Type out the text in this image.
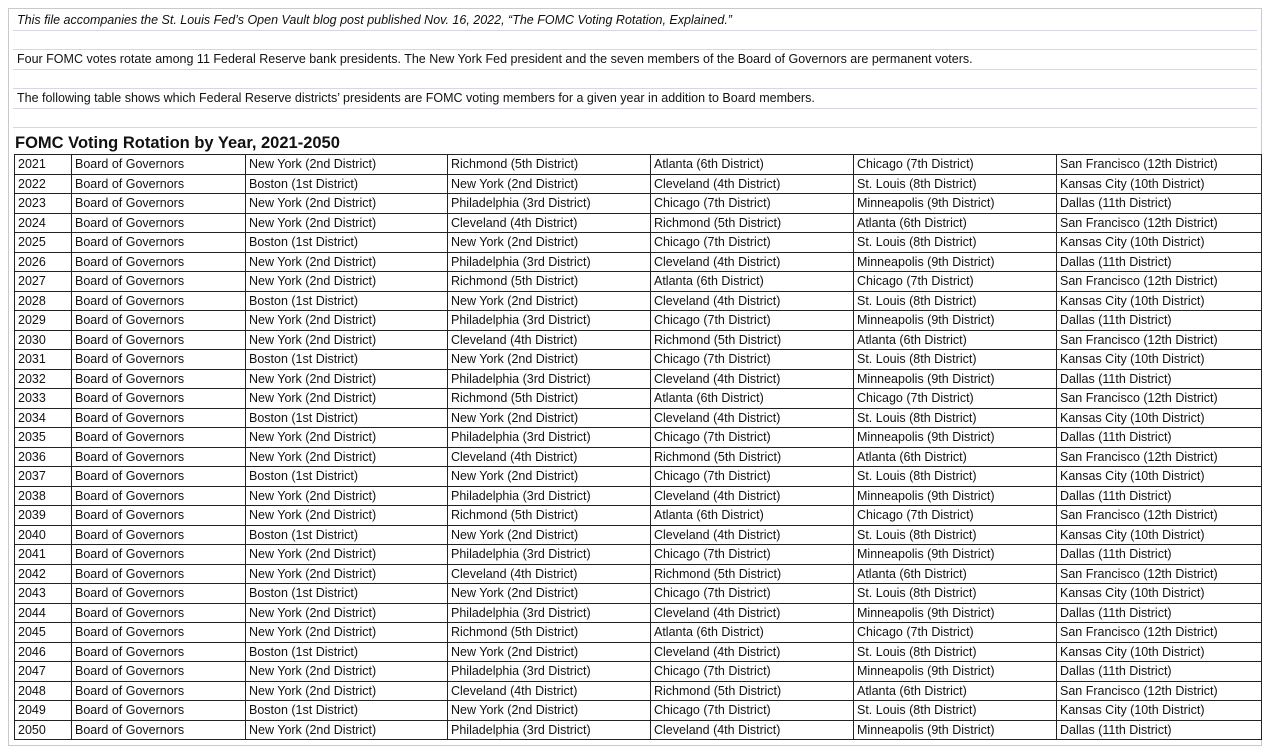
This file accompanies the St. Louis Fed’s Open Vault blog post published Nov. 16, 2022, “The FOMC Voting Rotation, Explained.”
Four FOMC votes rotate among 11 Federal Reserve bank presidents. The New York Fed president and the seven members of the Board of Governors are permanent voters.
The following table shows which Federal Reserve districts’ presidents are FOMC voting members for a given year in addition to Board members.
FOMC Voting Rotation by Year, 2021-2050
2021	Board of Governors	New York (2nd District)	Richmond (5th District)	Atlanta (6th District)	Chicago (7th District)	San Francisco (12th District)
2022	Board of Governors	Boston (1st District)	New York (2nd District)	Cleveland (4th District)	St. Louis (8th District)	Kansas City (10th District)
2023	Board of Governors	New York (2nd District)	Philadelphia (3rd District)	Chicago (7th District)	Minneapolis (9th District)	Dallas (11th District)
2024	Board of Governors	New York (2nd District)	Cleveland (4th District)	Richmond (5th District)	Atlanta (6th District)	San Francisco (12th District)
2025	Board of Governors	Boston (1st District)	New York (2nd District)	Chicago (7th District)	St. Louis (8th District)	Kansas City (10th District)
2026	Board of Governors	New York (2nd District)	Philadelphia (3rd District)	Cleveland (4th District)	Minneapolis (9th District)	Dallas (11th District)
2027	Board of Governors	New York (2nd District)	Richmond (5th District)	Atlanta (6th District)	Chicago (7th District)	San Francisco (12th District)
2028	Board of Governors	Boston (1st District)	New York (2nd District)	Cleveland (4th District)	St. Louis (8th District)	Kansas City (10th District)
2029	Board of Governors	New York (2nd District)	Philadelphia (3rd District)	Chicago (7th District)	Minneapolis (9th District)	Dallas (11th District)
2030	Board of Governors	New York (2nd District)	Cleveland (4th District)	Richmond (5th District)	Atlanta (6th District)	San Francisco (12th District)
2031	Board of Governors	Boston (1st District)	New York (2nd District)	Chicago (7th District)	St. Louis (8th District)	Kansas City (10th District)
2032	Board of Governors	New York (2nd District)	Philadelphia (3rd District)	Cleveland (4th District)	Minneapolis (9th District)	Dallas (11th District)
2033	Board of Governors	New York (2nd District)	Richmond (5th District)	Atlanta (6th District)	Chicago (7th District)	San Francisco (12th District)
2034	Board of Governors	Boston (1st District)	New York (2nd District)	Cleveland (4th District)	St. Louis (8th District)	Kansas City (10th District)
2035	Board of Governors	New York (2nd District)	Philadelphia (3rd District)	Chicago (7th District)	Minneapolis (9th District)	Dallas (11th District)
2036	Board of Governors	New York (2nd District)	Cleveland (4th District)	Richmond (5th District)	Atlanta (6th District)	San Francisco (12th District)
2037	Board of Governors	Boston (1st District)	New York (2nd District)	Chicago (7th District)	St. Louis (8th District)	Kansas City (10th District)
2038	Board of Governors	New York (2nd District)	Philadelphia (3rd District)	Cleveland (4th District)	Minneapolis (9th District)	Dallas (11th District)
2039	Board of Governors	New York (2nd District)	Richmond (5th District)	Atlanta (6th District)	Chicago (7th District)	San Francisco (12th District)
2040	Board of Governors	Boston (1st District)	New York (2nd District)	Cleveland (4th District)	St. Louis (8th District)	Kansas City (10th District)
2041	Board of Governors	New York (2nd District)	Philadelphia (3rd District)	Chicago (7th District)	Minneapolis (9th District)	Dallas (11th District)
2042	Board of Governors	New York (2nd District)	Cleveland (4th District)	Richmond (5th District)	Atlanta (6th District)	San Francisco (12th District)
2043	Board of Governors	Boston (1st District)	New York (2nd District)	Chicago (7th District)	St. Louis (8th District)	Kansas City (10th District)
2044	Board of Governors	New York (2nd District)	Philadelphia (3rd District)	Cleveland (4th District)	Minneapolis (9th District)	Dallas (11th District)
2045	Board of Governors	New York (2nd District)	Richmond (5th District)	Atlanta (6th District)	Chicago (7th District)	San Francisco (12th District)
2046	Board of Governors	Boston (1st District)	New York (2nd District)	Cleveland (4th District)	St. Louis (8th District)	Kansas City (10th District)
2047	Board of Governors	New York (2nd District)	Philadelphia (3rd District)	Chicago (7th District)	Minneapolis (9th District)	Dallas (11th District)
2048	Board of Governors	New York (2nd District)	Cleveland (4th District)	Richmond (5th District)	Atlanta (6th District)	San Francisco (12th District)
2049	Board of Governors	Boston (1st District)	New York (2nd District)	Chicago (7th District)	St. Louis (8th District)	Kansas City (10th District)
2050	Board of Governors	New York (2nd District)	Philadelphia (3rd District)	Cleveland (4th District)	Minneapolis (9th District)	Dallas (11th District)
